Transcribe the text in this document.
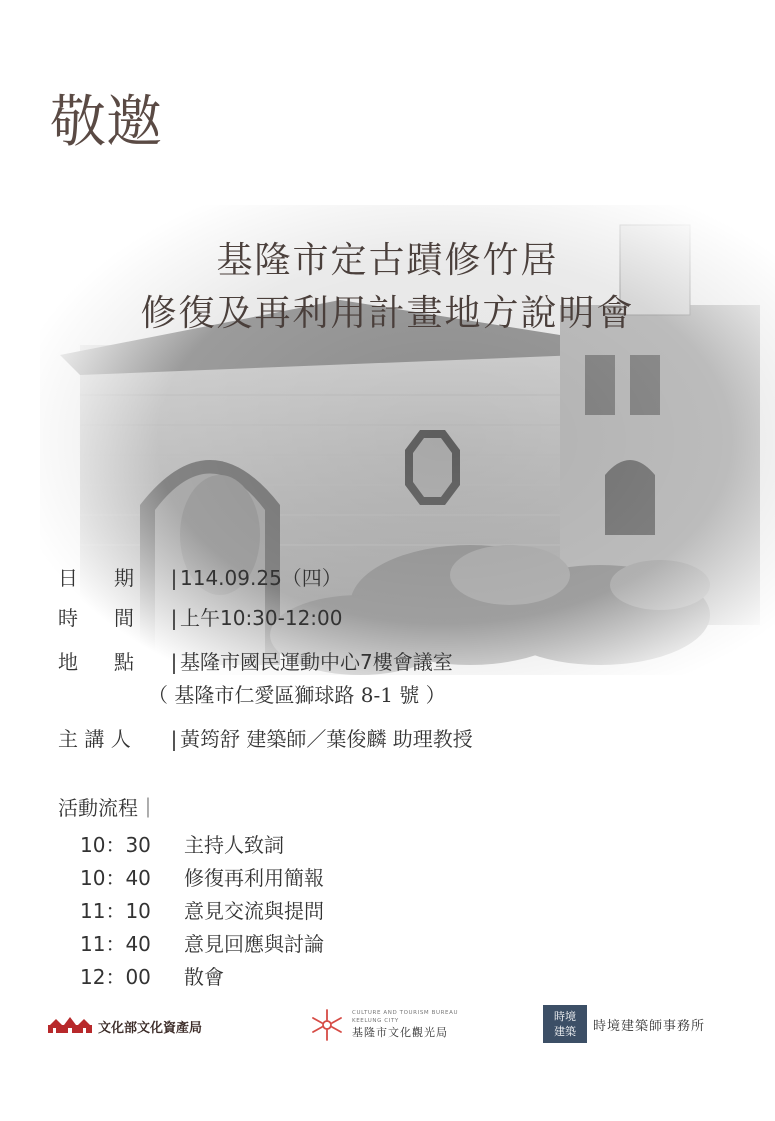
敬邀
基隆市定古蹟修竹居
修復及再利用計畫地方說明會
日 期 | 114.09.25（四）
時 間 | 上午10:30-12:00
地 點 | 基隆市國民運動中心7樓會議室
（ 基隆市仁愛區獅球路 8-1 號 ）
主 講 人 | 黃筠舒 建築師／葉俊麟 助理教授
活動流程｜
10：30 主持人致詞
10：40 修復再利用簡報
11：10 意見交流與提問
11：40 意見回應與討論
12：00 散會
文化部文化資產局
CULTURE AND TOURISM BUREAU
KEELUNG CITY
基隆市文化觀光局
時境
建築	時境建築師事務所
